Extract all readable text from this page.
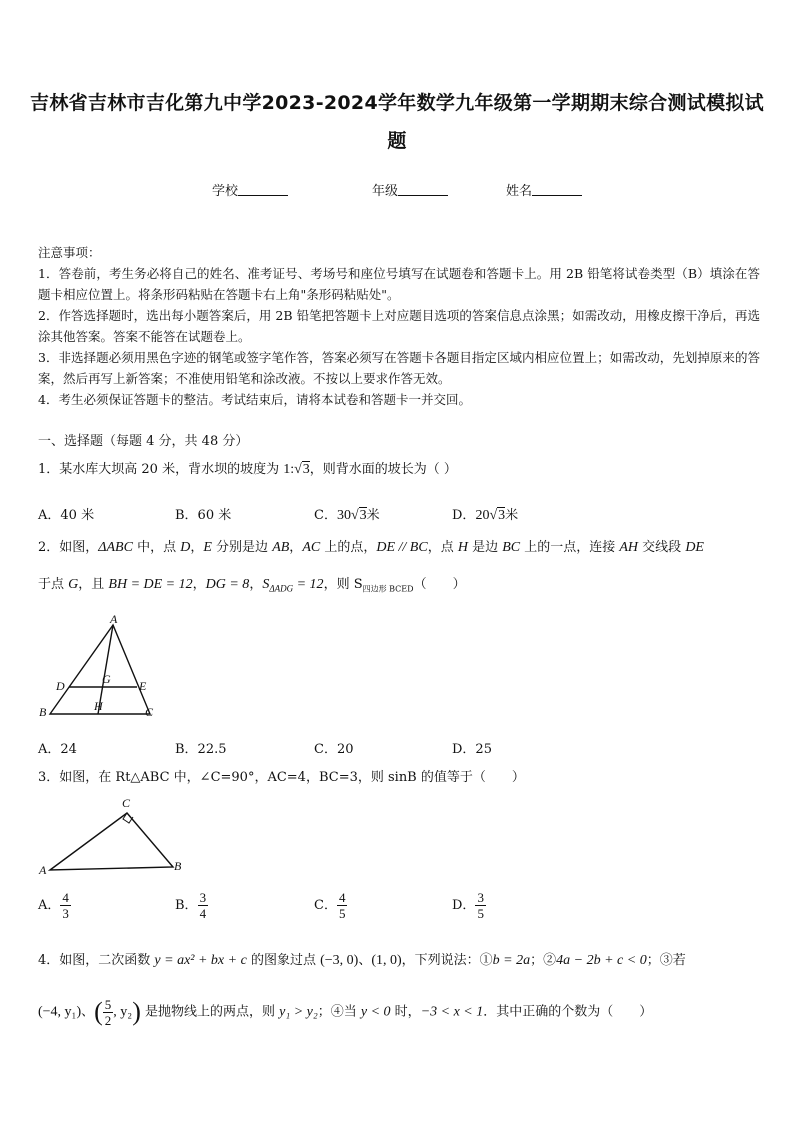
吉林省吉林市吉化第九中学2023-2024学年数学九年级第一学期期末综合测试模拟试
题
学校	年级	姓名

注意事项：

1．答卷前，考生务必将自己的姓名、准考证号、考场号和座位号填写在试题卷和答题卡上。用 2B 铅笔将试卷类型（B）填涂在答题卡相应位置上。将条形码粘贴在答题卡右上角"条形码粘贴处"。

2．作答选择题时，选出每小题答案后，用 2B 铅笔把答题卡上对应题目选项的答案信息点涂黑；如需改动，用橡皮擦干净后，再选涂其他答案。答案不能答在试题卷上。

3．非选择题必须用黑色字迹的钢笔或签字笔作答，答案必须写在答题卡各题目指定区域内相应位置上；如需改动，先划掉原来的答案，然后再写上新答案；不准使用铅笔和涂改液。不按以上要求作答无效。

4．考生必须保证答题卡的整洁。考试结束后，请将本试卷和答题卡一并交回。

一、选择题（每题 4 分，共 48 分）
1．某水库大坝高 20 米，背水坝的坡度为 1:√3，则背水面的坡长为（ ）
A．40 米	B．60 米	C．30√3米	D．20√3米
2．如图，ΔABC 中，点 D，E 分别是边 AB，AC 上的点，DE // BC，点 H 是边 BC 上的一点，连接 AH 交线段 DE
于点 G，且 BH = DE = 12，DG = 8，$S_{\Delta ADG} = 12$，则 $S_{四边形 BCED}$（　　）
A
D	G E
B	H	C
A．24	B．22.5	C．20	D．25
3．如图，在 Rt△ABC 中，∠C=90°，AC=4，BC=3，则 sinB 的值等于（　　）
C
A	B
A． $\frac{4}{3}$	B． $\frac{3}{4}$	C． $\frac{4}{5}$	D． $\frac{3}{5}$
4．如图，二次函数 y = ax² + bx + c 的图象过点 (−3, 0)、(1, 0)，下列说法：①b = 2a；②4a − 2b + c < 0；③若
(−4, y₁)、( $\frac{5}{2}$ , y₂) 是抛物线上的两点，则 y₁ > y₂；④当 y < 0 时，−3 < x < 1．其中正确的个数为（　　）
